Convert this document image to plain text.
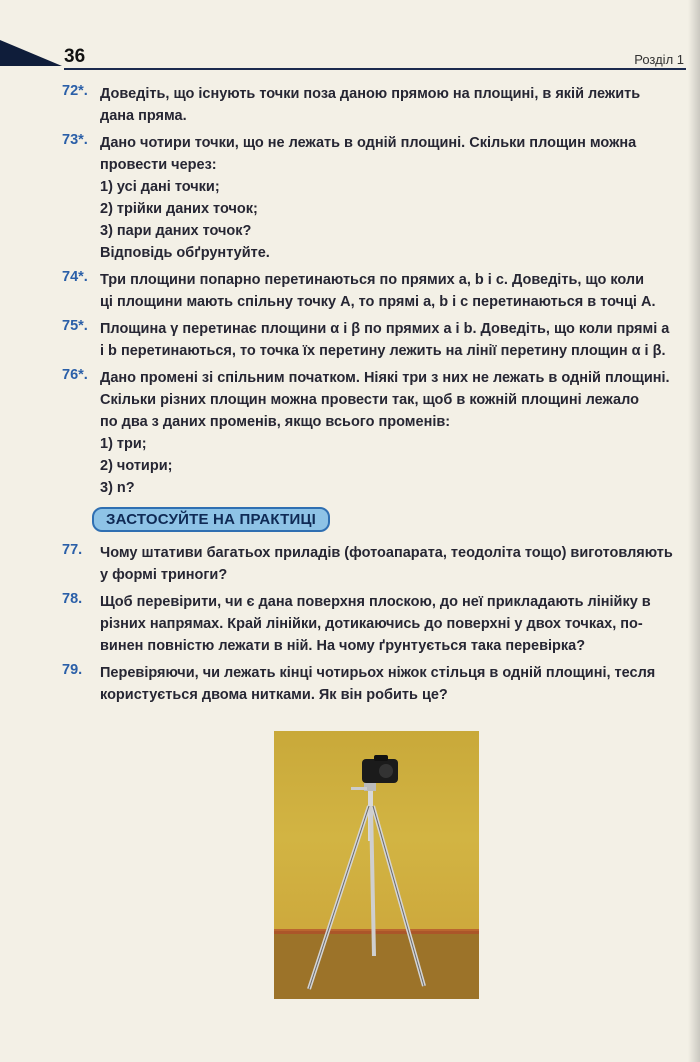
36	Розділ 1
72*. Доведіть, що існують точки поза даною прямою на площині, в якій лежить
дана пряма.
73*. Дано чотири точки, що не лежать в одній площині. Скільки площин можна
провести через:
1) усі дані точки;
2) трійки даних точок;
3) пари даних точок?
Відповідь обґрунтуйте.
74*. Три площини попарно перетинаються по прямих a, b і c. Доведіть, що коли
ці площини мають спільну точку A, то прямі a, b і c перетинаються в точці A.
75*. Площина γ перетинає площини α і β по прямих a і b. Доведіть, що коли прямі a
і b перетинаються, то точка їх перетину лежить на лінії перетину площин α і β.
76*. Дано промені зі спільним початком. Ніякі три з них не лежать в одній площині.
Скільки різних площин можна провести так, щоб в кожній площині лежало
по два з даних променів, якщо всього променів:
1) три;
2) чотири;
3) n?
ЗАСТОСУЙТЕ НА ПРАКТИЦІ
77.	Чому штативи багатьох приладів (фотоапарата, теодоліта тощо) виготовляють
у формі триноги?
78.	Щоб перевірити, чи є дана поверхня плоскою, до неї прикладають лінійку в
різних напрямах. Край лінійки, дотикаючись до поверхні у двох точках, по-
винен повністю лежати в ній. На чому ґрунтується така перевірка?
79.	Перевіряючи, чи лежать кінці чотирьох ніжок стільця в одній площині, тесля
користується двома нитками. Як він робить це?
